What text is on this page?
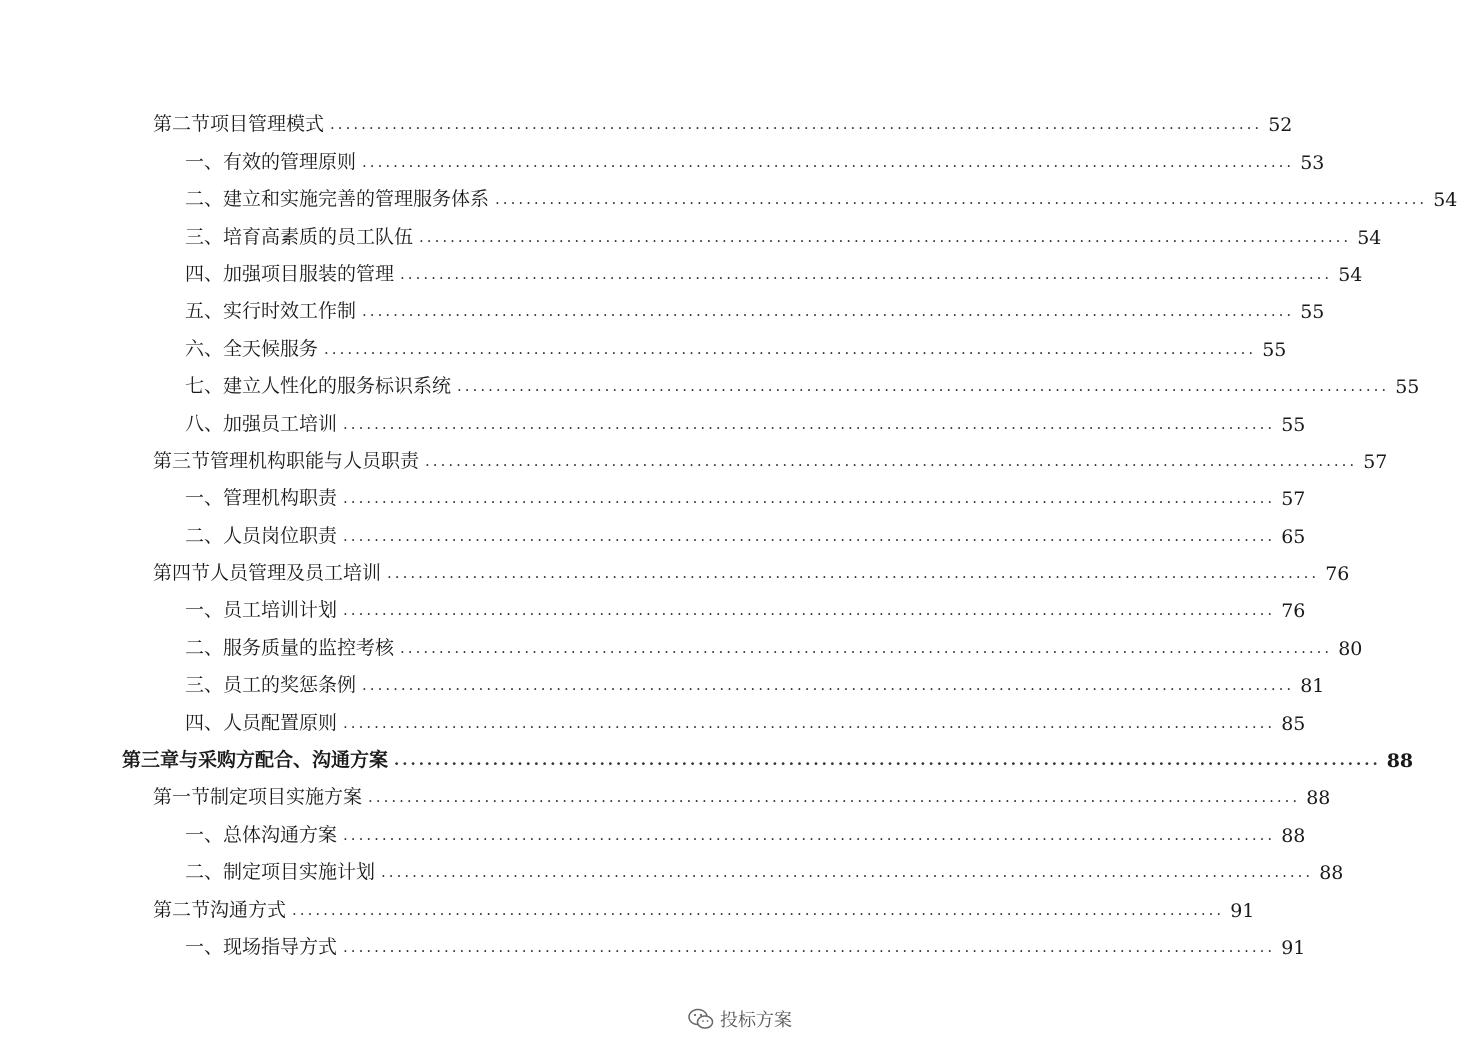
第二节 项目管理模式 ........................................................................................................................ 52
一、 有效的管理原则 ........................................................................................................................ 53
二、 建立和实施完善的管理服务体系 ........................................................................................................................ 54
三、 培育高素质的员工队伍 ........................................................................................................................ 54
四、 加强项目服装的管理 ........................................................................................................................ 54
五、 实行时效工作制 ........................................................................................................................ 55
六、 全天候服务 ........................................................................................................................ 55
七、 建立人性化的服务标识系统 ........................................................................................................................ 55
八、 加强员工培训 ........................................................................................................................ 55
第三节 管理机构职能与人员职责 ........................................................................................................................ 57
一、 管理机构职责 ........................................................................................................................ 57
二、 人员岗位职责 ........................................................................................................................ 65
第四节 人员管理及员工培训 ........................................................................................................................ 76
一、 员工培训计划 ........................................................................................................................ 76
二、 服务质量的监控考核 ........................................................................................................................ 80
三、 员工的奖惩条例 ........................................................................................................................ 81
四、 人员配置原则 ........................................................................................................................ 85
第三章 与采购方配合、沟通方案 ........................................................................................................................ 88
第一节 制定项目实施方案 ........................................................................................................................ 88
一、 总体沟通方案 ........................................................................................................................ 88
二、 制定项目实施计划 ........................................................................................................................ 88
第二节 沟通方式 ........................................................................................................................ 91
一、 现场指导方式 ........................................................................................................................ 91
投标方案
